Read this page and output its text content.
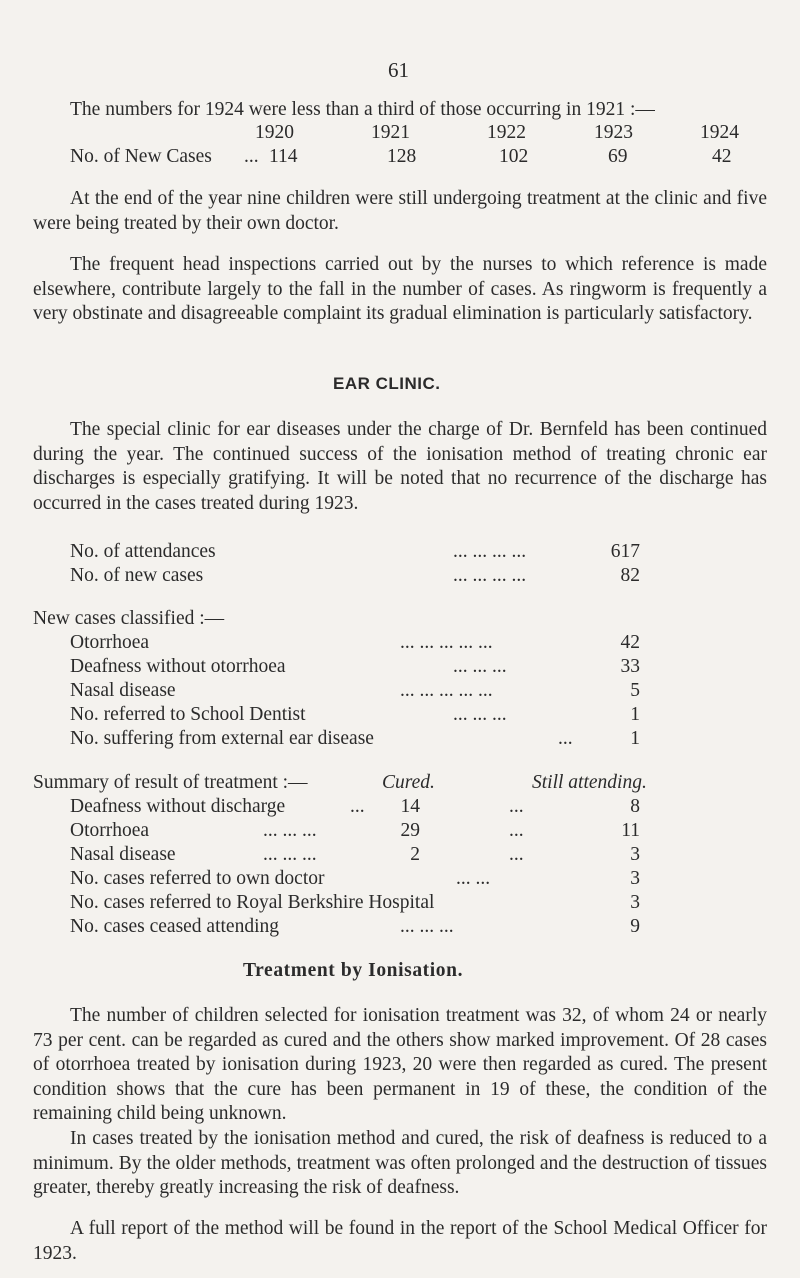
61
The numbers for 1924 were less than a third of those occurring in 1921 :—
1920	1921	1922	1923	1924
No. of New Cases ... 114	128	102	69	42
At the end of the year nine children were still undergoing treatment at the clinic and five were being treated by their own doctor.
The frequent head inspections carried out by the nurses to which reference is made elsewhere, contribute largely to the fall in the number of cases. As ringworm is frequently a very obstinate and disagreeable complaint its gradual elimination is particularly satisfactory.
EAR CLINIC.
The special clinic for ear diseases under the charge of Dr. Bernfeld has been continued during the year. The continued success of the ionisation method of treating chronic ear discharges is especially gratifying. It will be noted that no recurrence of the discharge has occurred in the cases treated during 1923.
No. of attendances	... ... ... ...	617
No. of new cases	... ... ... ...	82
New cases classified :—
Otorrhoea	... ... ... ... ...	42
Deafness without otorrhoea	... ... ...	33
Nasal disease	... ... ... ... ...	5
No. referred to School Dentist	... ... ...	1
No. suffering from external ear disease	...	1
Summary of result of treatment :—	Cured.	Still attending.
Deafness without discharge	...	14	...	8
Otorrhoea	... ... ...	29	...	11
Nasal disease	... ... ...	2	...	3
No. cases referred to own doctor	... ...	3
No. cases referred to Royal Berkshire Hospital	3
No. cases ceased attending	... ... ...	9
Treatment by Ionisation.
The number of children selected for ionisation treatment was 32, of whom 24 or nearly 73 per cent. can be regarded as cured and the others show marked improvement. Of 28 cases of otorrhoea treated by ionisation during 1923, 20 were then regarded as cured. The present condition shows that the cure has been permanent in 19 of these, the condition of the remaining child being unknown.
In cases treated by the ionisation method and cured, the risk of deafness is reduced to a minimum. By the older methods, treatment was often prolonged and the destruction of tissues greater, thereby greatly increasing the risk of deafness.
A full report of the method will be found in the report of the School Medical Officer for 1923.
